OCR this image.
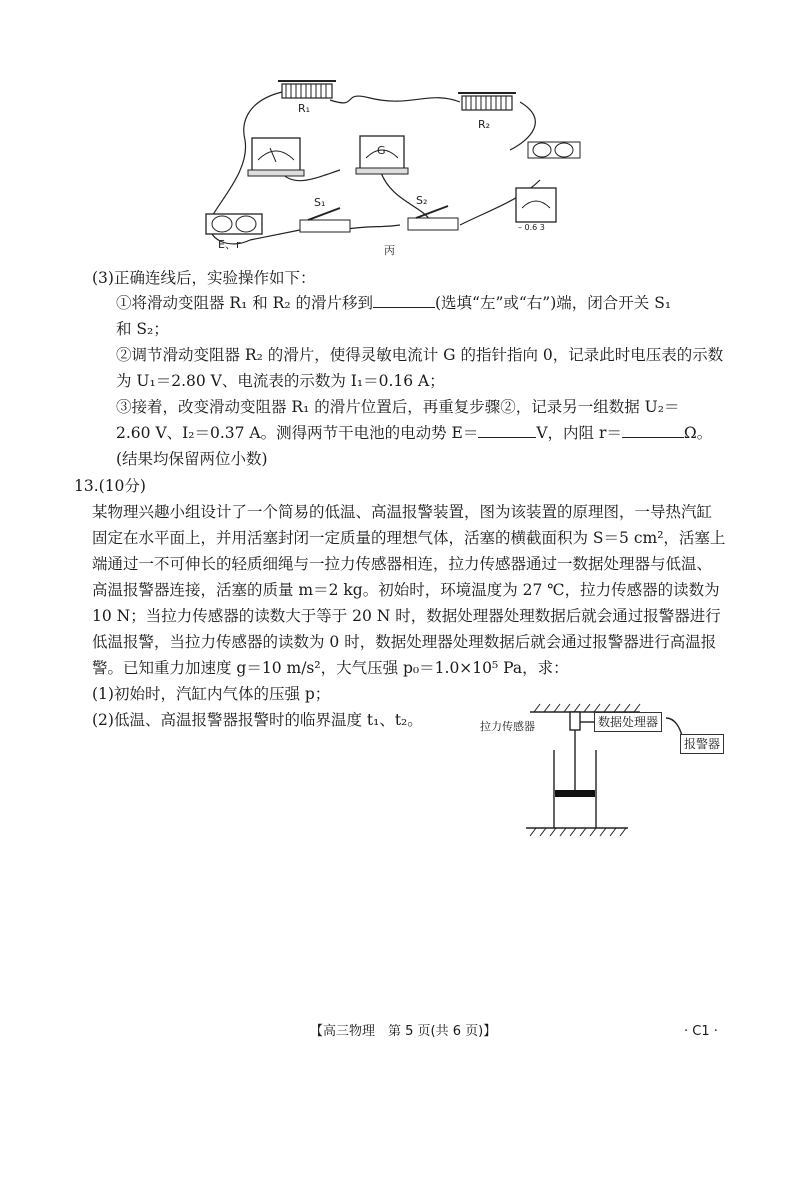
R₁
R₂
G
– 0.6 3
E、r
S₁	S₂
丙
(3)正确连线后，实验操作如下：
①将滑动变阻器 R₁ 和 R₂ 的滑片移到	(选填“左”或“右”)端，闭合开关 S₁
和 S₂；
②调节滑动变阻器 R₂ 的滑片，使得灵敏电流计 G 的指针指向 0，记录此时电压表的示数
为 U₁＝2.80 V、电流表的示数为 I₁＝0.16 A；
③接着，改变滑动变阻器 R₁ 的滑片位置后，再重复步骤②，记录另一组数据 U₂＝
2.60 V、I₂＝0.37 A。测得两节干电池的电动势 E＝	V，内阻 r＝	Ω。
(结果均保留两位小数)
13.(10分)
某物理兴趣小组设计了一个简易的低温、高温报警装置，图为该装置的原理图，一导热汽缸
固定在水平面上，并用活塞封闭一定质量的理想气体，活塞的横截面积为 S＝5 cm²，活塞上
端通过一不可伸长的轻质细绳与一拉力传感器相连，拉力传感器通过一数据处理器与低温、
高温报警器连接，活塞的质量 m＝2 kg。初始时，环境温度为 27 ℃，拉力传感器的读数为
10 N；当拉力传感器的读数大于等于 20 N 时，数据处理器处理数据后就会通过报警器进行
低温报警，当拉力传感器的读数为 0 时，数据处理器处理数据后就会通过报警器进行高温报
警。已知重力加速度 g＝10 m/s²，大气压强 p₀＝1.0×10⁵ Pa，求：
(1)初始时，汽缸内气体的压强 p；
(2)低温、高温报警器报警时的临界温度 t₁、t₂。	拉力传感器	数据处理器
报警器
【高三物理　第 5 页(共 6 页)】	· C1 ·
